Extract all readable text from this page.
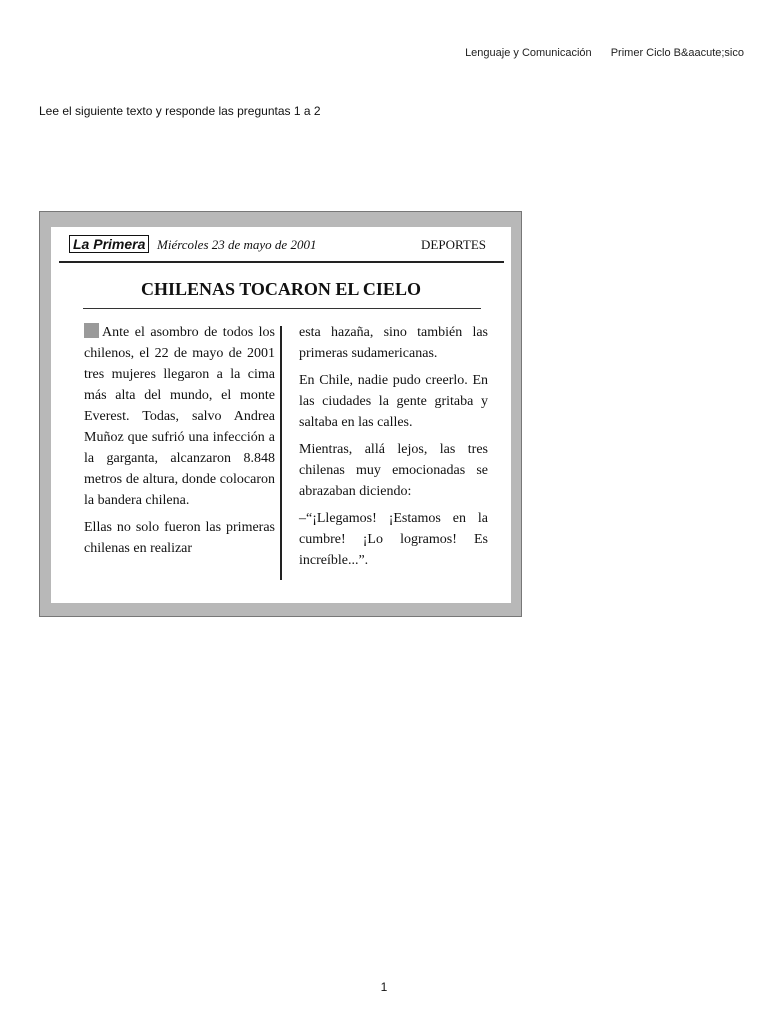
Lenguaje y Comunicación Primer Ciclo B&aacute;sico
Lee el siguiente texto y responde las preguntas 1 a 2
La Primera Miércoles 23 de mayo de 2001	DEPORTES
CHILENAS TOCARON EL CIELO

Ante el asombro de todos los chilenos, el 22 de mayo de 2001 tres mujeres llegaron a la cima más alta del mundo, el monte Everest. Todas, salvo Andrea Muñoz que sufrió una infección a la garganta, alcanzaron 8.848 metros de altura, donde colocaron la bandera chilena.

Ellas no solo fueron las primeras chilenas en realizar

esta hazaña, sino también las primeras sudamericanas.

En Chile, nadie pudo creerlo. En las ciudades la gente gritaba y saltaba en las calles.

Mientras, allá lejos, las tres chilenas muy emocionadas se abrazaban diciendo:

–“¡Llegamos! ¡Estamos en la cumbre! ¡Lo logramos! Es increíble...”.

1
